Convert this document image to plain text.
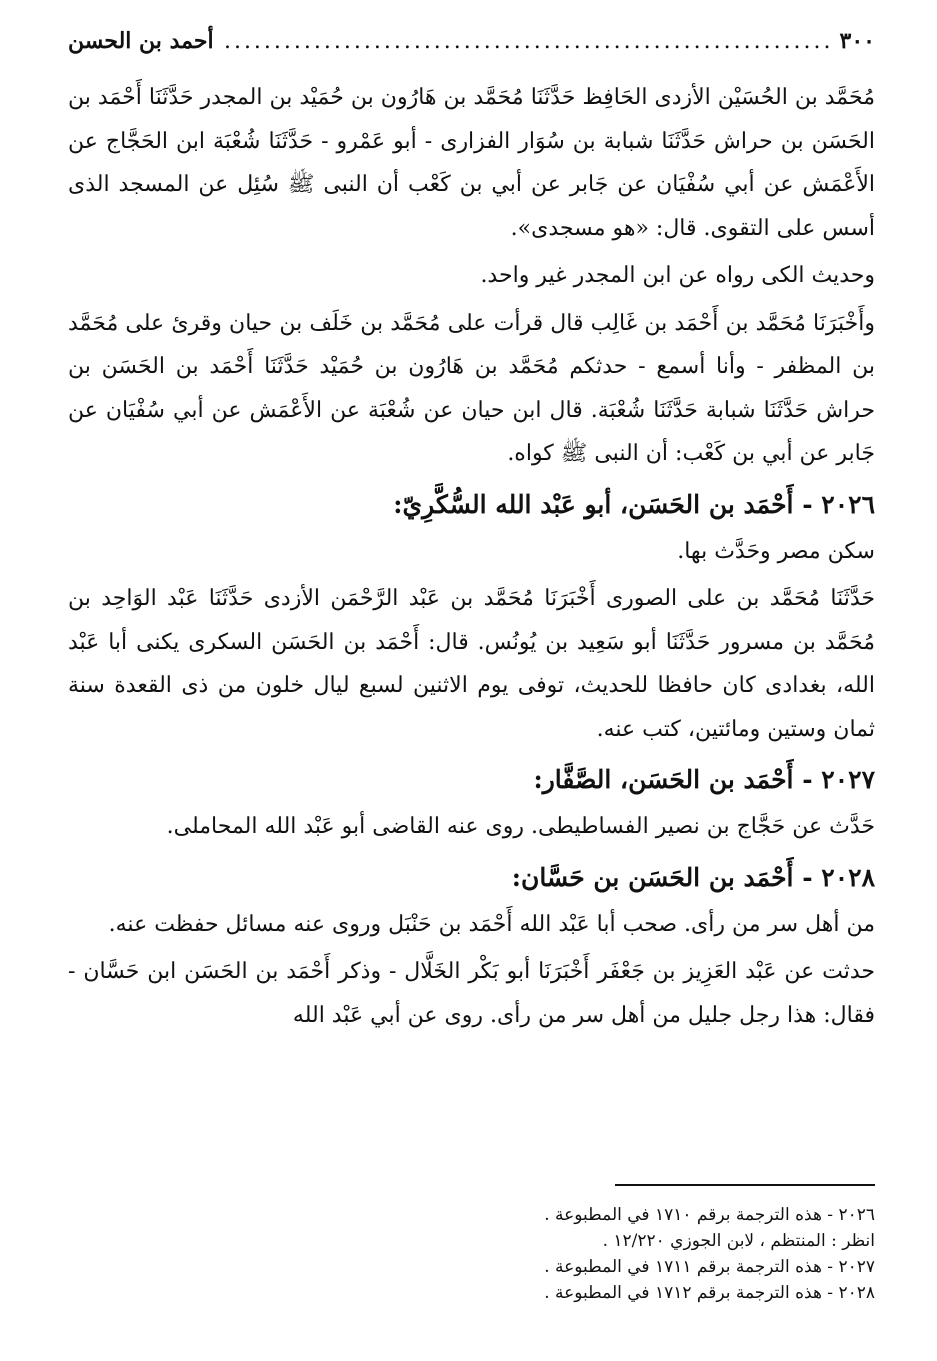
٣٠٠
.....
أحمد بن الحسن

مُحَمَّد بن الحُسَيْن الأزدى الحَافِظ حَدَّثَنَا مُحَمَّد بن هَارُون بن حُمَيْد بن المجدر حَدَّثَنَا أَحْمَد بن الحَسَن بن حراش حَدَّثَنَا شبابة بن سُوَار الفزارى - أبو عَمْرو - حَدَّثَنَا شُعْبَة ابن الحَجَّاج عن الأَعْمَش عن أبي سُفْيَان عن جَابر عن أبي بن كَعْب أن النبى ﷺ سُئِل عن المسجد الذى أسس على التقوى. قال: «هو مسجدى».

وحديث الكى رواه عن ابن المجدر غير واحد.

وأَخْبَرَنَا مُحَمَّد بن أَحْمَد بن غَالِب قال قرأت على مُحَمَّد بن خَلَف بن حيان وقرئ على مُحَمَّد بن المظفر - وأنا أسمع - حدثكم مُحَمَّد بن هَارُون بن حُمَيْد حَدَّثَنَا أَحْمَد بن الحَسَن بن حراش حَدَّثَنَا شبابة حَدَّثَنَا شُعْبَة. قال ابن حيان عن شُعْبَة عن الأَعْمَش عن أبي سُفْيَان عن جَابر عن أبي بن كَعْب: أن النبى ﷺ كواه.

٢٠٢٦ - أَحْمَد بن الحَسَن، أبو عَبْد الله السُّكَّرِيّ:

سكن مصر وحَدَّث بها.

حَدَّثَنَا مُحَمَّد بن على الصورى أَخْبَرَنَا مُحَمَّد بن عَبْد الرَّحْمَن الأزدى حَدَّثَنَا عَبْد الوَاحِد بن مُحَمَّد بن مسرور حَدَّثَنَا أبو سَعِيد بن يُونُس. قال: أَحْمَد بن الحَسَن السكرى يكنى أبا عَبْد الله، بغدادى كان حافظا للحديث، توفى يوم الاثنين لسبع ليال خلون من ذى القعدة سنة ثمان وستين ومائتين، كتب عنه.

٢٠٢٧ - أَحْمَد بن الحَسَن، الصَّفَّار:

حَدَّث عن حَجَّاج بن نصير الفساطيطى. روى عنه القاضى أبو عَبْد الله المحاملى.

٢٠٢٨ - أَحْمَد بن الحَسَن بن حَسَّان:

من أهل سر من رأى. صحب أبا عَبْد الله أَحْمَد بن حَنْبَل وروى عنه مسائل حفظت عنه.

حدثت عن عَبْد العَزِيز بن جَعْفَر أَخْبَرَنَا أبو بَكْر الخَلَّال - وذكر أَحْمَد بن الحَسَن ابن حَسَّان - فقال: هذا رجل جليل من أهل سر من رأى. روى عن أبي عَبْد الله

٢٠٢٦ - هذه الترجمة برقم ١٧١٠ في المطبوعة .

انظر : المنتظم ، لابن الجوزي ١٢/٢٢٠ .

٢٠٢٧ - هذه الترجمة برقم ١٧١١ في المطبوعة .

٢٠٢٨ - هذه الترجمة برقم ١٧١٢ في المطبوعة .
